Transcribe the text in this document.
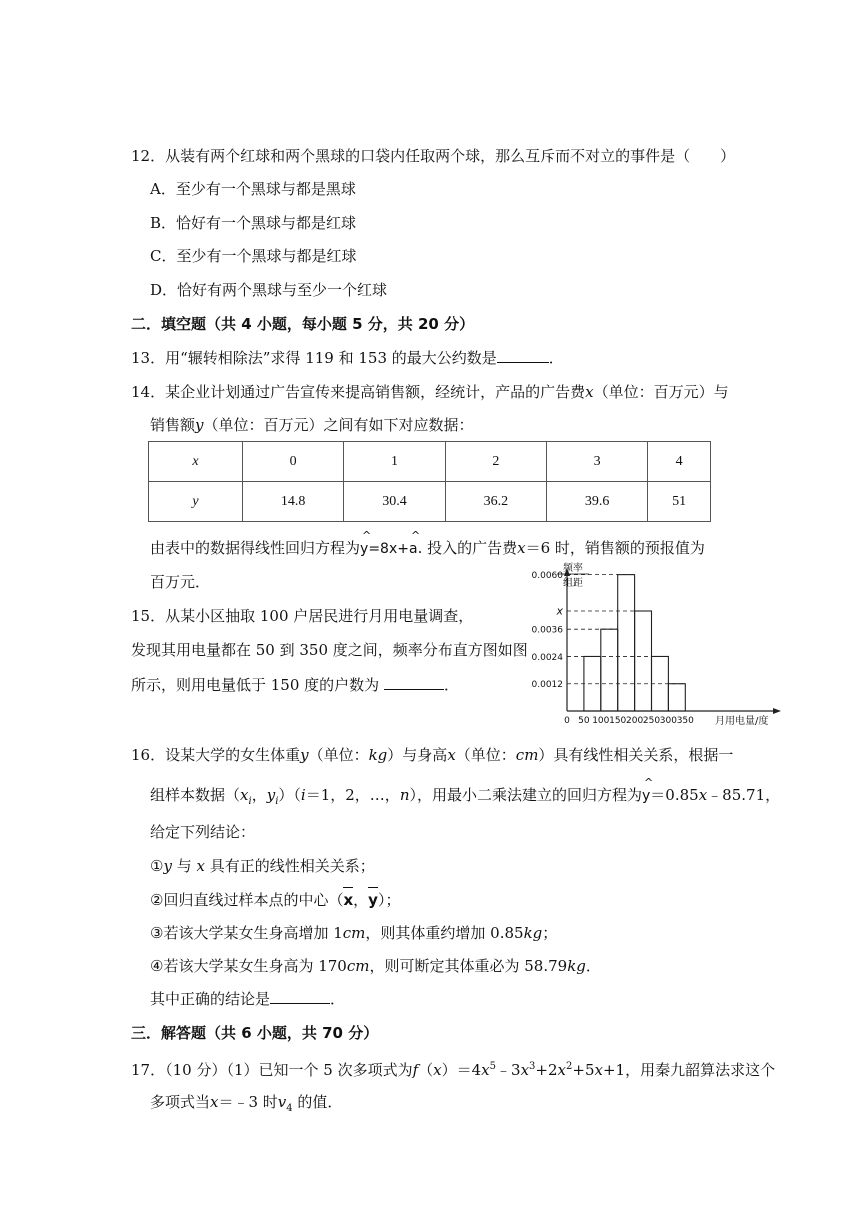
12．从装有两个红球和两个黑球的口袋内任取两个球，那么互斥而不对立的事件是（　　）
A．至少有一个黑球与都是黑球
B．恰好有一个黑球与都是红球
C．至少有一个黑球与都是红球
D．恰好有两个黑球与至少一个红球
二．填空题（共 4 小题，每小题 5 分，共 20 分）
13．用“辗转相除法”求得 119 和 153 的最大公约数是	．
14．某企业计划通过广告宣传来提高销售额，经统计，产品的广告费x（单位：百万元）与
销售额y（单位：百万元）之间有如下对应数据：
x	0	1	2	3	4
y	14.8	30.4	36.2	39.6	51
由表中的数据得线性回归方程为
^
y=8x+
^
a. 投入的广告费x＝6 时，销售额的预报值为
百万元．
15．从某小区抽取 100 户居民进行月用电量调查，
发现其用电量都在 50 到 350 度之间，频率分布直方图如图
所示，则用电量低于 150 度的户数为	．	0.0012
0.0024
0.0036
x
0.0060
0 50 100 150 200 250 300 350 月用电量/度
频率
组距
16．设某大学的女生体重y（单位：kg）与身高x（单位：cm）具有线性相关关系，根据一
组样本数据（$x_i$，$y_i)(i=1$，2，…，n），用最小二乘法建立的回归方程为
^
y＝0.85x﹣85.71，
给定下列结论：
①y 与 x 具有正的线性相关关系；
②回归直线过样本点的中心（x，y）；
③若该大学某女生身高增加 1cm，则其体重约增加 0.85kg；
④若该大学某女生身高为 170cm，则可断定其体重必为 58.79kg．
其中正确的结论是	．
三．解答题（共 6 小题，共 70 分）
17．（10 分）（1）已知一个 5 次多项式为$f(x)=4x^5﹣3x^3+2x^2+5x+1$，用秦九韶算法求这个
多项式当x＝﹣3 时$v_4$ 的值．
